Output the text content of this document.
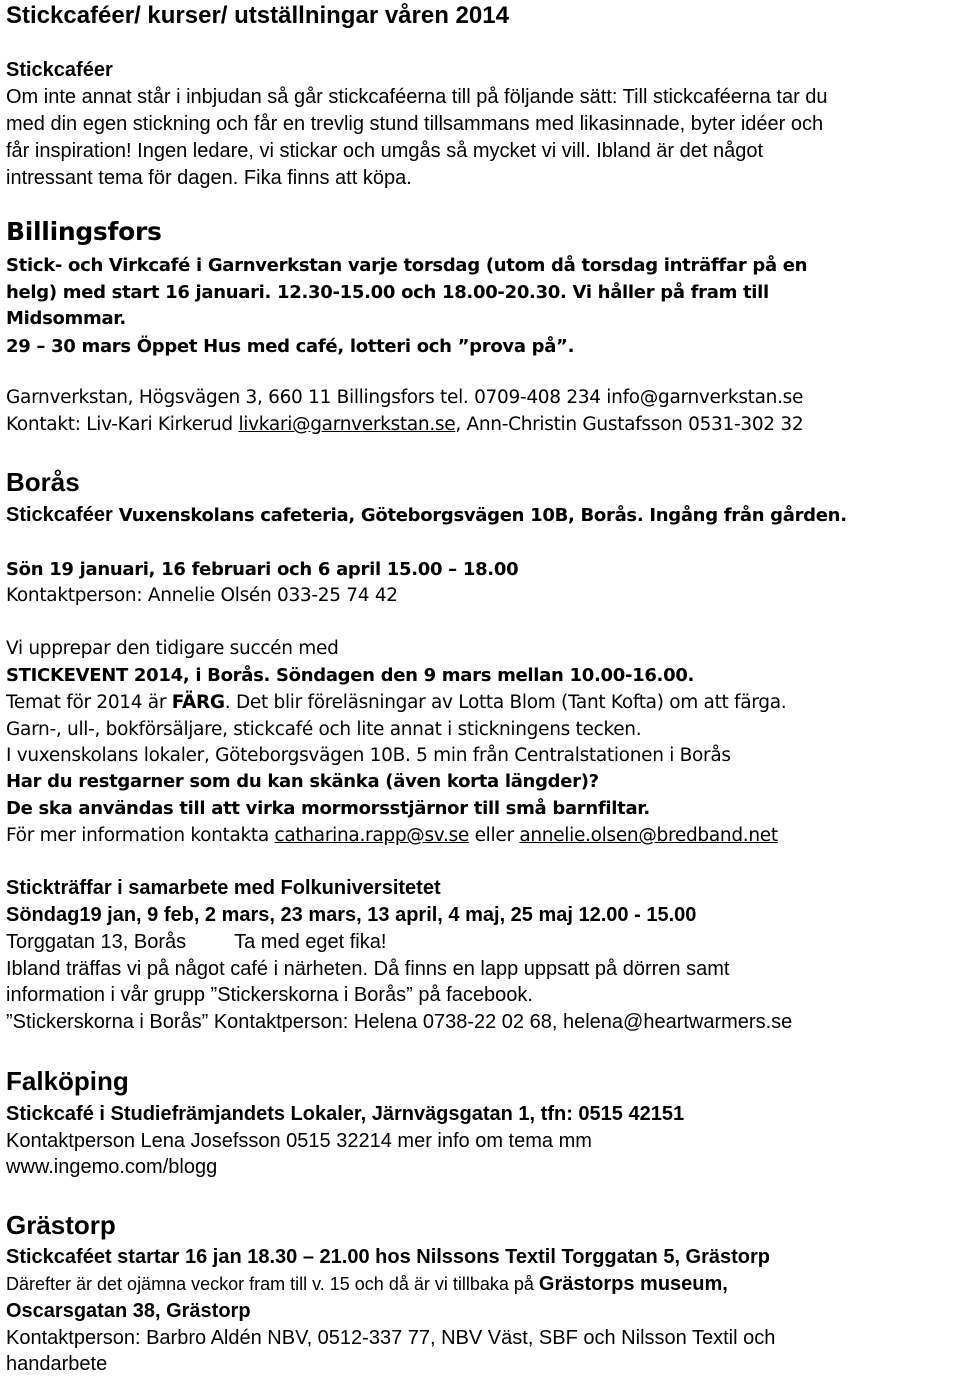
Stickcaféer/ kurser/ utställningar våren 2014
Stickcaféer
Om inte annat står i inbjudan så går stickcaféerna till på följande sätt: Till stickcaféerna tar du
med din egen stickning och får en trevlig stund tillsammans med likasinnade, byter idéer och
får inspiration! Ingen ledare, vi stickar och umgås så mycket vi vill. Ibland är det något
intressant tema för dagen. Fika finns att köpa.
Billingsfors
Stick- och Virkcafé i Garnverkstan varje torsdag (utom då torsdag inträffar på en
helg) med start 16 januari. 12.30-15.00 och 18.00-20.30. Vi håller på fram till
Midsommar.
29 – 30 mars Öppet Hus med café, lotteri och ”prova på”.
Garnverkstan, Högsvägen 3, 660 11 Billingsfors tel. 0709-408 234 info@garnverkstan.se
Kontakt: Liv-Kari Kirkerud livkari@garnverkstan.se, Ann-Christin Gustafsson 0531-302 32
Borås
Stickcaféer Vuxenskolans cafeteria, Göteborgsvägen 10B, Borås. Ingång från gården.
Sön 19 januari, 16 februari och 6 april 15.00 – 18.00
Kontaktperson: Annelie Olsén 033-25 74 42
Vi upprepar den tidigare succén med
STICKEVENT 2014, i Borås. Söndagen den 9 mars mellan 10.00-16.00.
Temat för 2014 är FÄRG. Det blir föreläsningar av Lotta Blom (Tant Kofta) om att färga.
Garn-, ull-, bokförsäljare, stickcafé och lite annat i stickningens tecken.
I vuxenskolans lokaler, Göteborgsvägen 10B. 5 min från Centralstationen i Borås
Har du restgarner som du kan skänka (även korta längder)?
De ska användas till att virka mormorsstjärnor till små barnfiltar.
För mer information kontakta catharina.rapp@sv.se eller annelie.olsen@bredband.net
Stickträffar i samarbete med Folkuniversitetet
Söndag19 jan, 9 feb, 2 mars, 23 mars, 13 april, 4 maj, 25 maj 12.00 - 15.00
Torggatan 13, Borås Ta med eget fika!
Ibland träffas vi på något café i närheten. Då finns en lapp uppsatt på dörren samt
information i vår grupp ”Stickerskorna i Borås” på facebook.
”Stickerskorna i Borås” Kontaktperson: Helena 0738-22 02 68, helena@heartwarmers.se
Falköping
Stickcafé i Studiefrämjandets Lokaler, Järnvägsgatan 1, tfn: 0515 42151
Kontaktperson Lena Josefsson 0515 32214 mer info om tema mm
www.ingemo.com/blogg
Grästorp
Stickcaféet startar 16 jan 18.30 – 21.00 hos Nilssons Textil Torggatan 5, Grästorp
Därefter är det ojämna veckor fram till v. 15 och då är vi tillbaka på Grästorps museum,
Oscarsgatan 38, Grästorp
Kontaktperson: Barbro Aldén NBV, 0512-337 77, NBV Väst, SBF och Nilsson Textil och
handarbete
